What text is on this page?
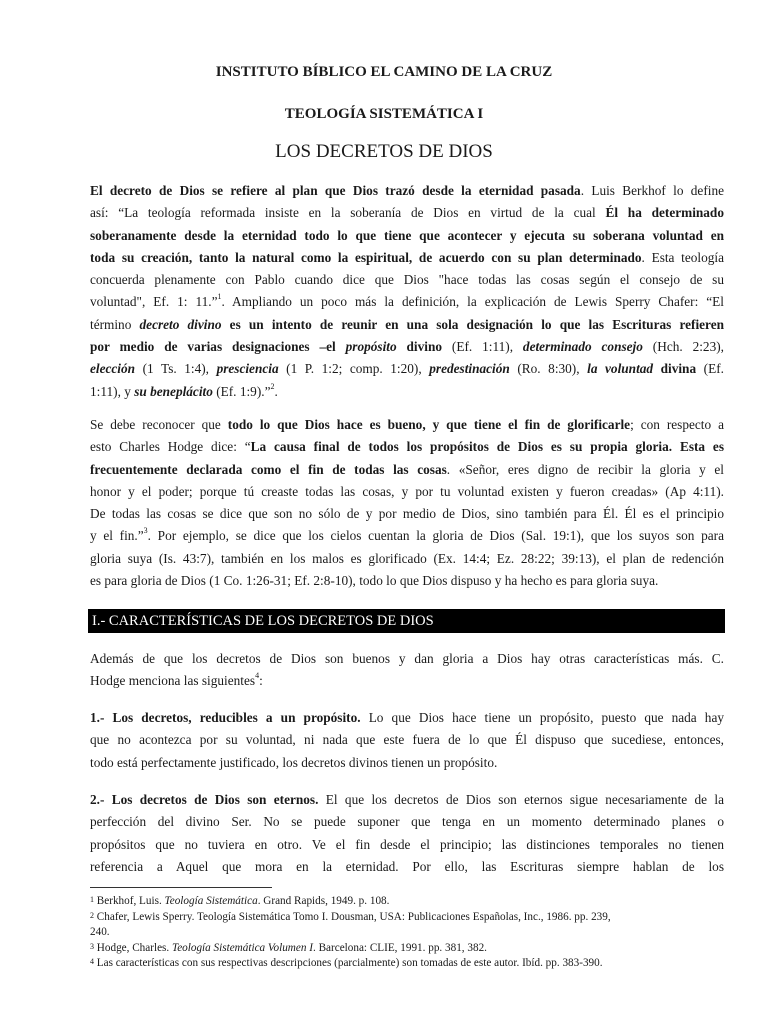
INSTITUTO BÍBLICO EL CAMINO DE LA CRUZ
TEOLOGÍA SISTEMÁTICA I
LOS DECRETOS DE DIOS
El decreto de Dios se refiere al plan que Dios trazó desde la eternidad pasada. Luis Berkhof lo define
así: “La teología reformada insiste en la soberanía de Dios en virtud de la cual Él ha determinado
soberanamente desde la eternidad todo lo que tiene que acontecer y ejecuta su soberana voluntad en
toda su creación, tanto la natural como la espiritual, de acuerdo con su plan determinado. Esta teología
concuerda plenamente con Pablo cuando dice que Dios "hace todas las cosas según el consejo de su
voluntad", Ef. 1: 11.”$^1$. Ampliando un poco más la definición, la explicación de Lewis Sperry Chafer: “El
término decreto divino es un intento de reunir en una sola designación lo que las Escrituras refieren
por medio de varias designaciones –el propósito divino (Ef. 1:11), determinado consejo (Hch. 2:23),
elección (1 Ts. 1:4), presciencia (1 P. 1:2; comp. 1:20), predestinación (Ro. 8:30), la voluntad divina (Ef.
1:11), y su beneplácito (Ef. 1:9).”$^2$.
Se debe reconocer que todo lo que Dios hace es bueno, y que tiene el fin de glorificarle; con respecto a
esto Charles Hodge dice: “La causa final de todos los propósitos de Dios es su propia gloria. Esta es
frecuentemente declarada como el fin de todas las cosas. «Señor, eres digno de recibir la gloria y el
honor y el poder; porque tú creaste todas las cosas, y por tu voluntad existen y fueron creadas» (Ap 4:11).
De todas las cosas se dice que son no sólo de y por medio de Dios, sino también para Él. Él es el principio
y el fin.”$^3$. Por ejemplo, se dice que los cielos cuentan la gloria de Dios (Sal. 19:1), que los suyos son para
gloria suya (Is. 43:7), también en los malos es glorificado (Ex. 14:4; Ez. 28:22; 39:13), el plan de redención
es para gloria de Dios (1 Co. 1:26-31; Ef. 2:8-10), todo lo que Dios dispuso y ha hecho es para gloria suya.
I.- CARACTERÍSTICAS DE LOS DECRETOS DE DIOS
Además de que los decretos de Dios son buenos y dan gloria a Dios hay otras características más. C.
Hodge menciona las siguientes$^4$:
1.- Los decretos, reducibles a un propósito. Lo que Dios hace tiene un propósito, puesto que nada hay
que no acontezca por su voluntad, ni nada que este fuera de lo que Él dispuso que sucediese, entonces,
todo está perfectamente justificado, los decretos divinos tienen un propósito.
2.- Los decretos de Dios son eternos. El que los decretos de Dios son eternos sigue necesariamente de la
perfección del divino Ser. No se puede suponer que tenga en un momento determinado planes o
propósitos que no tuviera en otro. Ve el fin desde el principio; las distinciones temporales no tienen
referencia a Aquel que mora en la eternidad. Por ello, las Escrituras siempre hablan de los
$^1$ Berkhof, Luis. Teología Sistemática. Grand Rapids, 1949. p. 108.
$^2$ Chafer, Lewis Sperry. Teología Sistemática Tomo I. Dousman, USA: Publicaciones Españolas, Inc., 1986. pp. 239,
240.
$^3$ Hodge, Charles. Teología Sistemática Volumen I. Barcelona: CLIE, 1991. pp. 381, 382.
$^4$ Las características con sus respectivas descripciones (parcialmente) son tomadas de este autor. Ibíd. pp. 383-390.
